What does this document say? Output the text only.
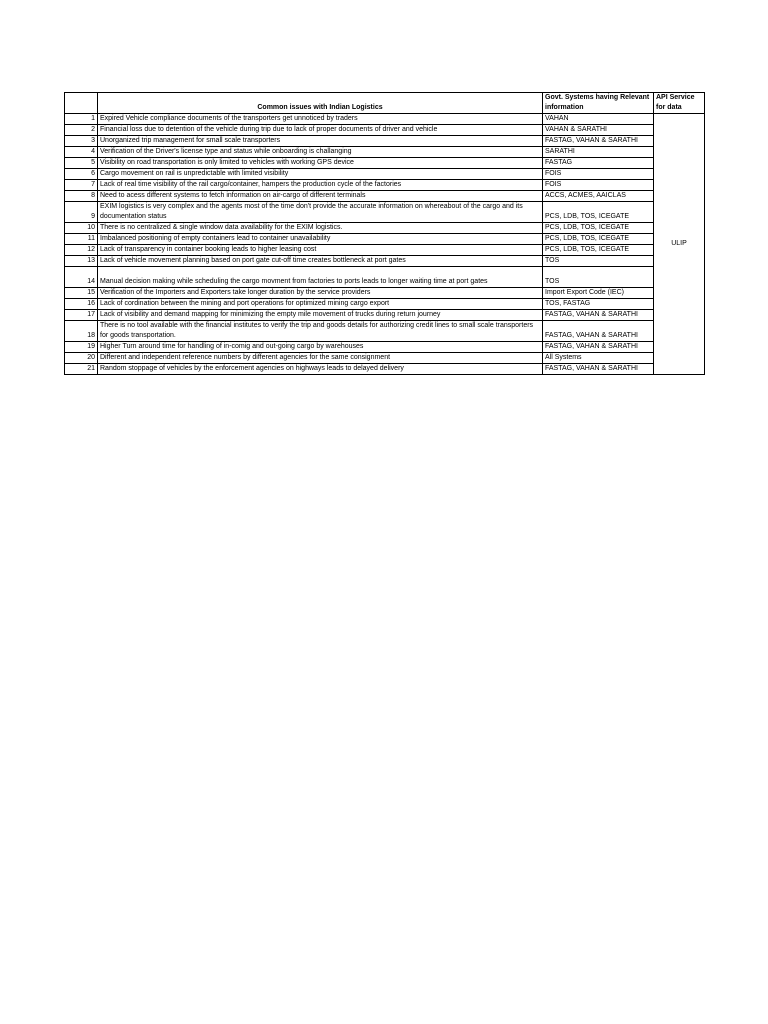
	Common issues with Indian Logistics	Govt. Systems having Relevant information	API Service for data
1	Expired Vehicle compliance documents of the transporters get unnoticed by traders	VAHAN	ULIP
2	Financial loss due to detention of the vehicle during trip due to lack of proper documents of driver and vehicle	VAHAN & SARATHI	
3	Unorganized trip management for small scale transporters	FASTAG, VAHAN & SARATHI	
4	Verification of the Driver's license type and status while onboarding is challanging	SARATHI	
5	Visibility on road transportation is only limited to vehicles with working GPS device	FASTAG	
6	Cargo movement on rail is unpredictable with limited visibility	FOIS	
7	Lack of real time visibility of the rail cargo/container, hampers the production cycle of the factories	FOIS	
8	Need to acess different systems to fetch information on air-cargo of different terminals	ACCS, ACMES, AAICLAS	
9	EXIM logistics is very complex and the agents most of the time don't provide the accurate information on whereabout of the cargo and its documentation status	PCS, LDB, TOS, ICEGATE	
10	There is no centralized & single window data availability for the EXIM logistics.	PCS, LDB, TOS, ICEGATE	
11	Imbalanced positioning of empty containers lead to container unavailability	PCS, LDB, TOS, ICEGATE	
12	Lack of transparency in container booking leads to higher leasing cost	PCS, LDB, TOS, ICEGATE	
13	Lack of vehicle movement planning based on port gate cut-off time creates bottleneck at port gates	TOS	
14	Manual decision making while scheduling the cargo movment from factories to ports leads to longer waiting time at port gates	TOS	
15	Verification of the Importers and Exporters take longer duration by the service providers	Import Export Code (IEC)	
16	Lack of cordination between the mining and port operations for optimized mining cargo export	TOS, FASTAG	
17	Lack of visibility and demand mapping for minimizing the empty mile movement of trucks during return journey	FASTAG, VAHAN & SARATHI	
18	There is no tool available with the financial institutes to verify the trip and goods details for authorizing credit lines to small scale transporters for goods transportation.	FASTAG, VAHAN & SARATHI	
19	Higher Turn around time for handling of in-comig and out-going cargo by warehouses	FASTAG, VAHAN & SARATHI	
20	Different and independent reference numbers by different agencies for the same consignment	All Systems	
21	Random stoppage of vehicles by the enforcement agencies on highways leads to delayed delivery	FASTAG, VAHAN & SARATHI	
